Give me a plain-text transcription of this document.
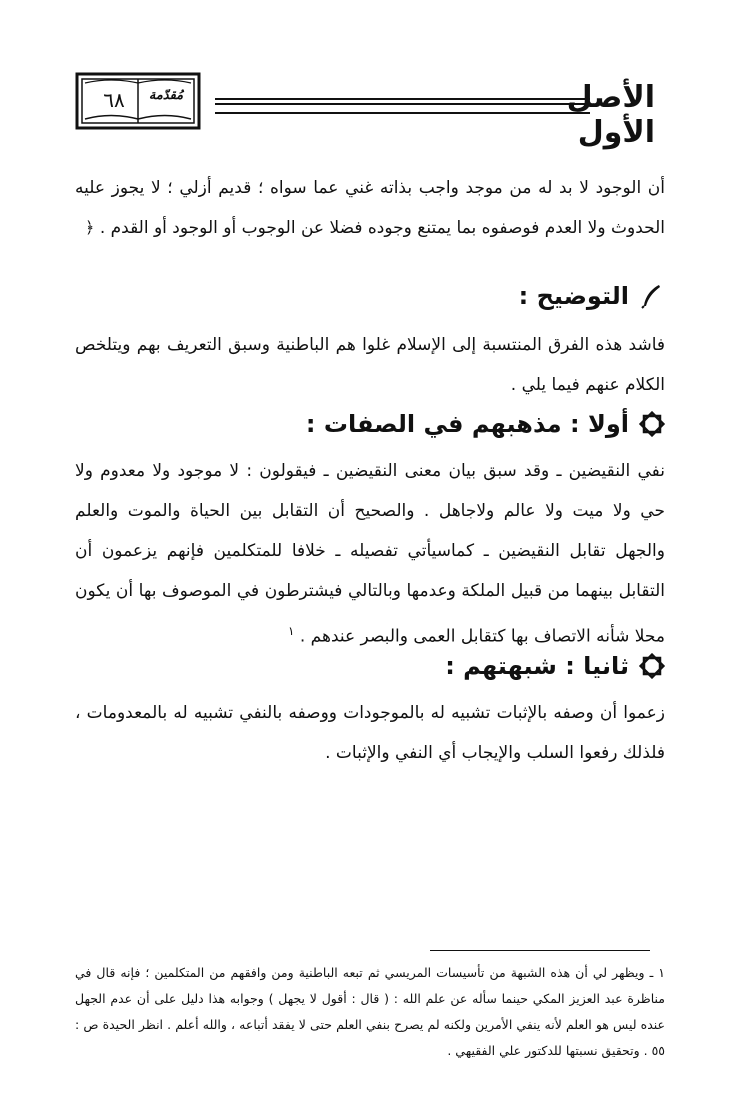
٦٨	مُقدّمة	الأصل الأول
أن الوجود لا بد له من موجد واجب بذاته غني عما سواه ؛ قديم أزلي ؛ لا يجوز عليه الحدوث ولا العدم فوصفوه بما يمتنع وجوده فضلا عن الوجوب أو الوجود أو القدم . ﴿
التوضيح :
فاشد هذه الفرق المنتسبة إلى الإسلام غلوا هم الباطنية وسبق التعريف بهم ويتلخص الكلام عنهم فيما يلي .
أولا : مذهبهم في الصفات :
نفي النقيضين ـ وقد سبق بيان معنى النقيضين ـ فيقولون : لا موجود ولا معدوم ولا حي ولا ميت ولا عالم ولاجاهل . والصحيح أن التقابل بين الحياة والموت والعلم والجهل تقابل النقيضين ـ كماسيأتي تفصيله ـ خلافا للمتكلمين فإنهم يزعمون أن التقابل بينهما من قبيل الملكة وعدمها وبالتالي فيشترطون في الموصوف بها أن يكون محلا شأنه الاتصاف بها كتقابل العمى والبصر عندهم . $^١$
ثانيا : شبهتهم :
زعموا أن وصفه بالإثبات تشبيه له بالموجودات ووصفه بالنفي تشبيه له بالمعدومات ، فلذلك رفعوا السلب والإيجاب أي النفي والإثبات .
١ ـ ويظهر لي أن هذه الشبهة من تأسيسات المريسي ثم تبعه الباطنية ومن وافقهم من المتكلمين ؛ فإنه قال في مناظرة عبد العزيز المكي حينما سأله عن علم الله : ( قال : أقول لا يجهل ) وجوابه هذا دليل على أن عدم الجهل عنده ليس هو العلم لأنه ينفي الأمرين ولكنه لم يصرح بنفي العلم حتى لا يفقد أتباعه ، والله أعلم . انظر الحيدة ص : ٥٥ . وتحقيق نسبتها للدكتور علي الفقيهي .
